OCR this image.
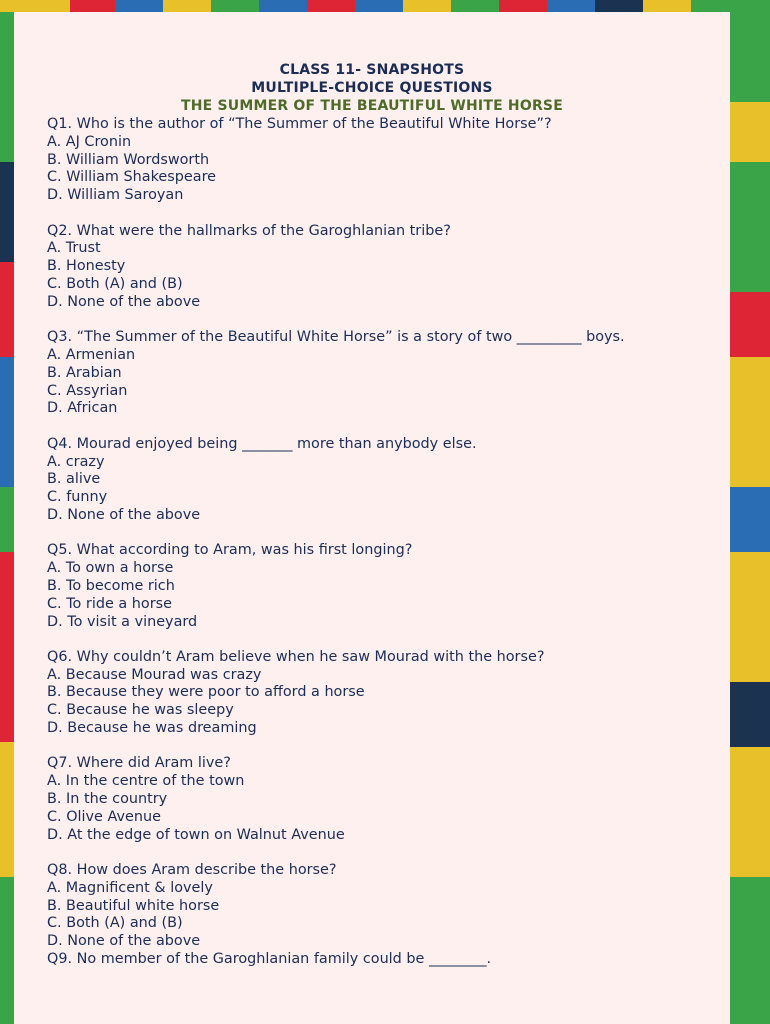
CLASS 11- SNAPSHOTS
MULTIPLE-CHOICE QUESTIONS
THE SUMMER OF THE BEAUTIFUL WHITE HORSE
Q1. Who is the author of “The Summer of the Beautiful White Horse”?
A. AJ Cronin
B. William Wordsworth
C. William Shakespeare
D. William Saroyan
Q2. What were the hallmarks of the Garoghlanian tribe?
A. Trust
B. Honesty
C. Both (A) and (B)
D. None of the above
Q3. “The Summer of the Beautiful White Horse” is a story of two _________ boys.
A. Armenian
B. Arabian
C. Assyrian
D. African
Q4. Mourad enjoyed being _______ more than anybody else.
A. crazy
B. alive
C. funny
D. None of the above
Q5. What according to Aram, was his first longing?
A. To own a horse
B. To become rich
C. To ride a horse
D. To visit a vineyard
Q6. Why couldn’t Aram believe when he saw Mourad with the horse?
A. Because Mourad was crazy
B. Because they were poor to afford a horse
C. Because he was sleepy
D. Because he was dreaming
Q7. Where did Aram live?
A. In the centre of the town
B. In the country
C. Olive Avenue
D. At the edge of town on Walnut Avenue
Q8. How does Aram describe the horse?
A. Magnificent & lovely
B. Beautiful white horse
C. Both (A) and (B)
D. None of the above
Q9. No member of the Garoghlanian family could be ________.
